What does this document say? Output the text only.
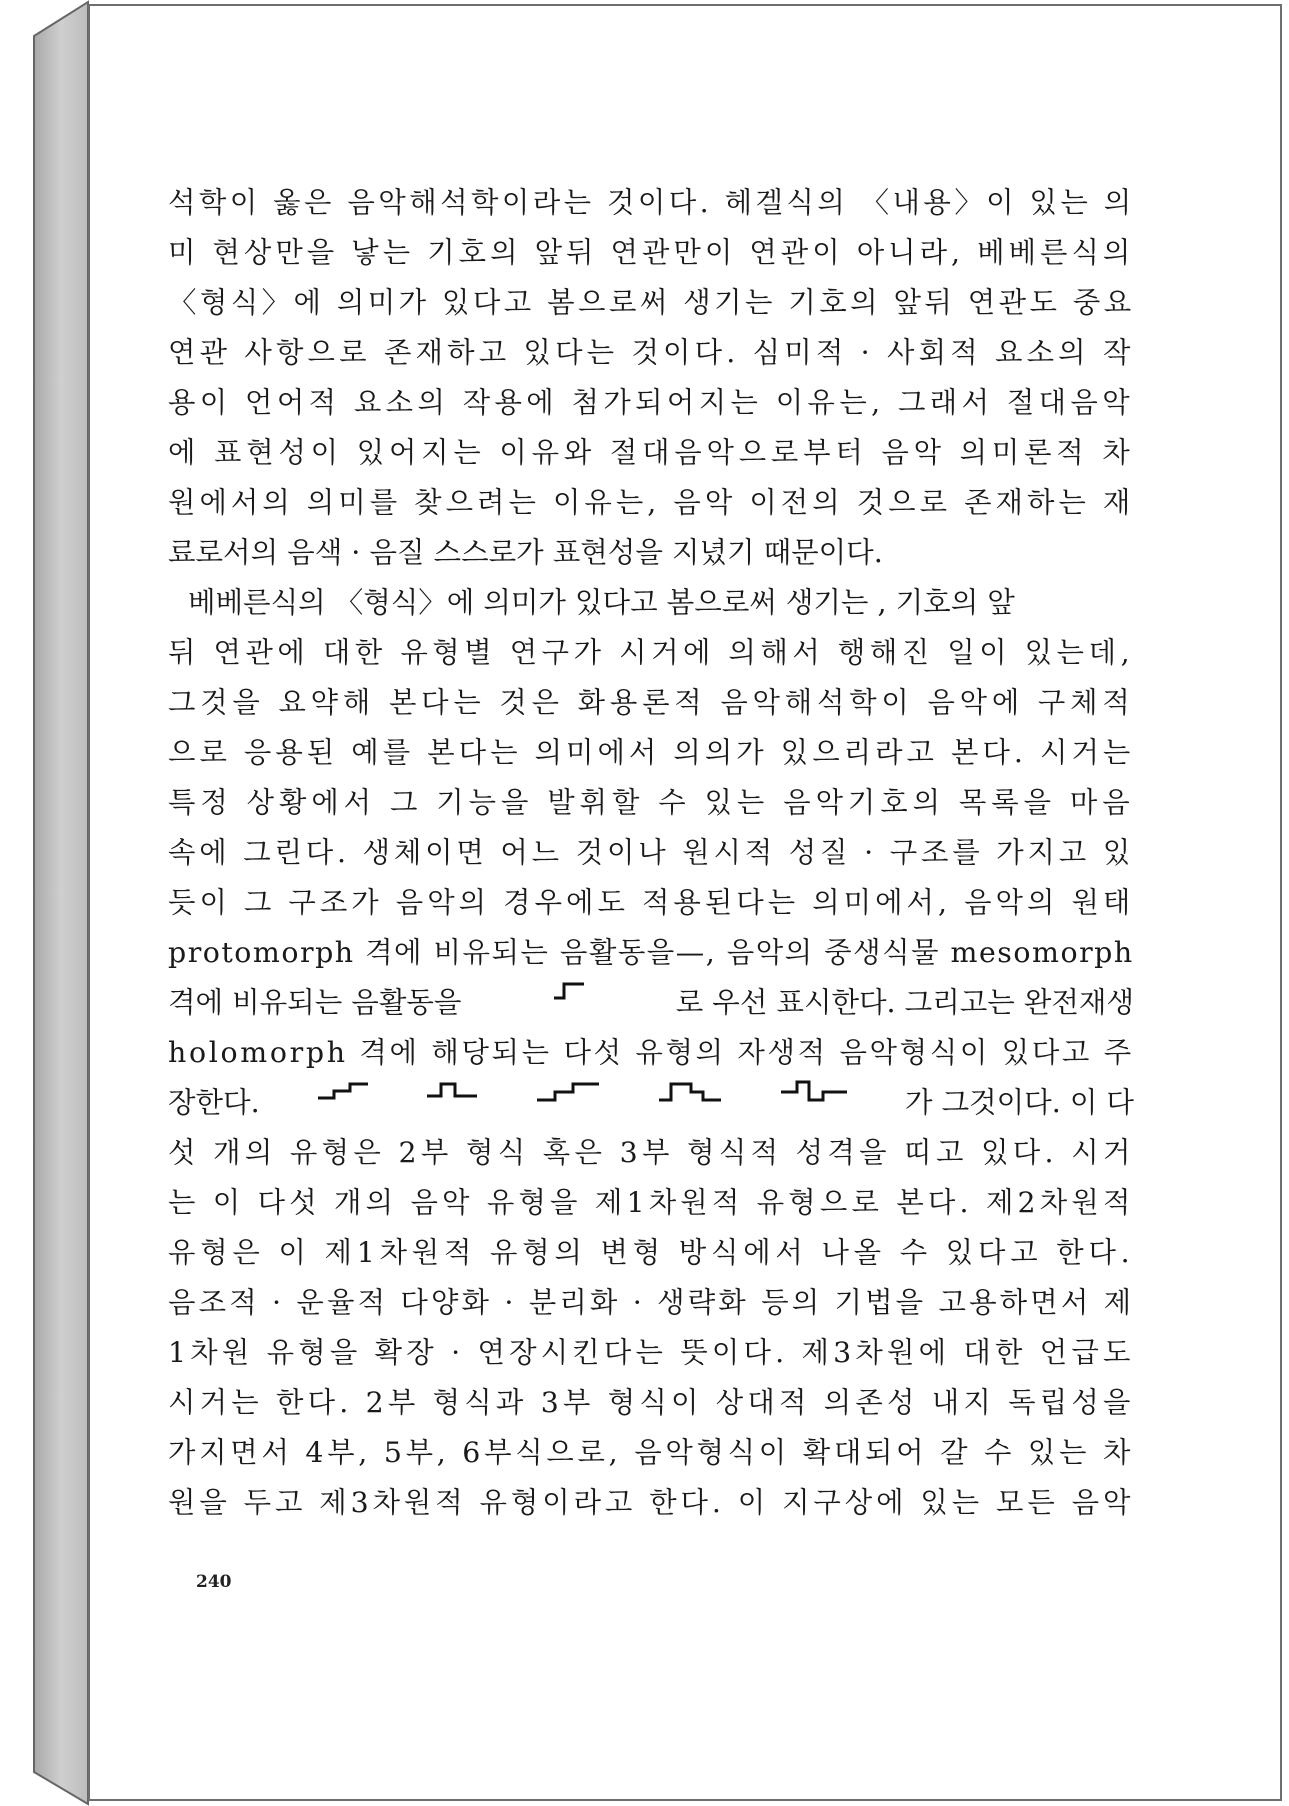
석학이 옳은 음악해석학이라는 것이다. 헤겔식의 〈내용〉이 있는 의
미 현상만을 낳는 기호의 앞뒤 연관만이 연관이 아니라, 베베른식의
〈형식〉에 의미가 있다고 봄으로써 생기는 기호의 앞뒤 연관도 중요
연관 사항으로 존재하고 있다는 것이다. 심미적 · 사회적 요소의 작
용이 언어적 요소의 작용에 첨가되어지는 이유는, 그래서 절대음악
에 표현성이 있어지는 이유와 절대음악으로부터 음악 의미론적 차
원에서의 의미를 찾으려는 이유는, 음악 이전의 것으로 존재하는 재
료로서의 음색 · 음질 스스로가 표현성을 지녔기 때문이다.
베베른식의 〈형식〉에 의미가 있다고 봄으로써 생기는 , 기호의 앞
뒤 연관에 대한 유형별 연구가 시거에 의해서 행해진 일이 있는데,
그것을 요약해 본다는 것은 화용론적 음악해석학이 음악에 구체적
으로 응용된 예를 본다는 의미에서 의의가 있으리라고 본다. 시거는
특정 상황에서 그 기능을 발휘할 수 있는 음악기호의 목록을 마음
속에 그린다. 생체이면 어느 것이나 원시적 성질 · 구조를 가지고 있
듯이 그 구조가 음악의 경우에도 적용된다는 의미에서, 음악의 원태
protomorph 격에 비유되는 음활동을—, 음악의 중생식물 mesomorph
격에 비유되는 음활동을	로 우선 표시한다. 그리고는 완전재생
holomorph 격에 해당되는 다섯 유형의 자생적 음악형식이 있다고 주
장한다.	가 그것이다. 이 다
섯 개의 유형은 2부 형식 혹은 3부 형식적 성격을 띠고 있다. 시거
는 이 다섯 개의 음악 유형을 제1차원적 유형으로 본다. 제2차원적
유형은 이 제1차원적 유형의 변형 방식에서 나올 수 있다고 한다.
음조적 · 운율적 다양화 · 분리화 · 생략화 등의 기법을 고용하면서 제
1차원 유형을 확장 · 연장시킨다는 뜻이다. 제3차원에 대한 언급도
시거는 한다. 2부 형식과 3부 형식이 상대적 의존성 내지 독립성을
가지면서 4부, 5부, 6부식으로, 음악형식이 확대되어 갈 수 있는 차
원을 두고 제3차원적 유형이라고 한다. 이 지구상에 있는 모든 음악
240
